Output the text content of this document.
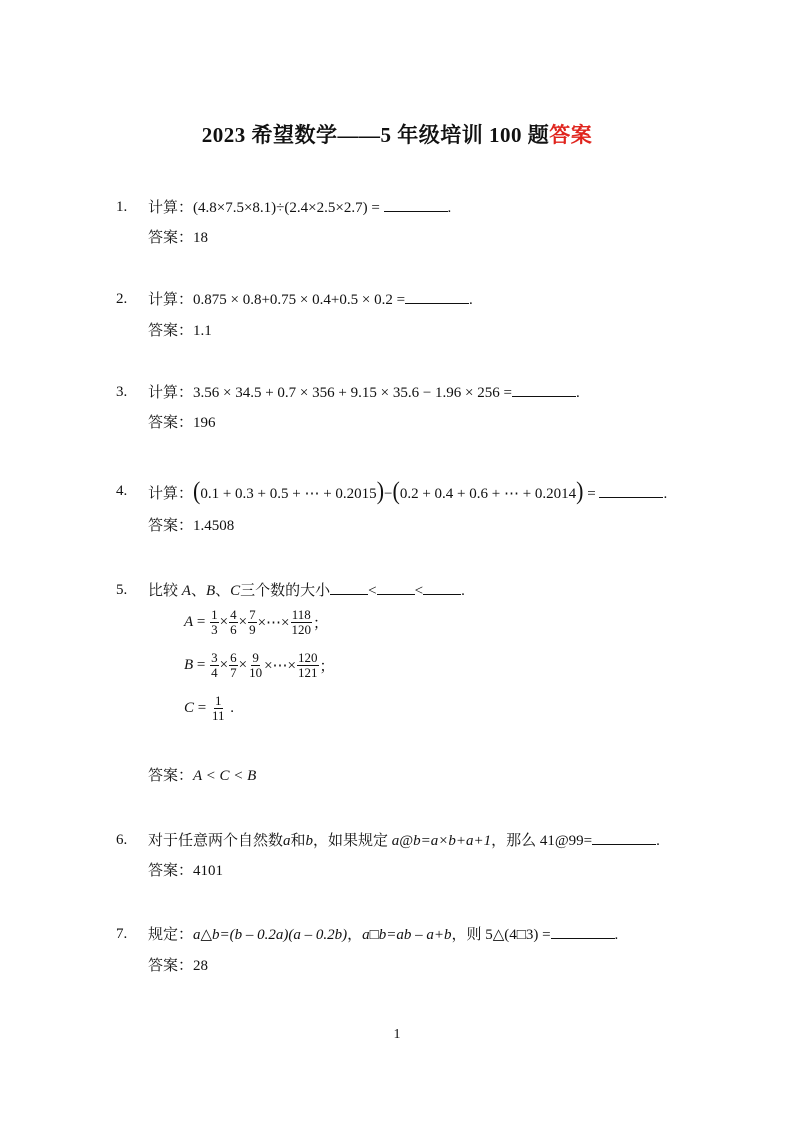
2023 希望数学——5 年级培训 100 题答案
1. 计算：(4.8×7.5×8.1)÷(2.4×2.5×2.7) =	.
答案：18
2. 计算：0.875 × 0.8+0.75 × 0.4+0.5 × 0.2 =	.
答案：1.1
3. 计算：3.56 × 34.5 + 0.7 × 356 + 9.15 × 35.6 − 1.96 × 256 =	.
答案：196
4. 计算：(0.1 + 0.3 + 0.5 + ⋯ + 0.2015)−(0.2 + 0.4 + 0.6 + ⋯ + 0.2014) =	.
答案：1.4508
5. 比较 A、B、C三个数的大小	<	<	.
$A = \frac{1}{3} \times \frac{4}{6} \times \frac{7}{9}$ ×⋯× $\frac{118}{120}$ ；
$B = \frac{3}{4} \times \frac{6}{7} \times \frac{9}{10}$ ×⋯× $\frac{120}{121}$ ；
$C = \frac{1}{11}$
.
答案：A < C < B
6. 对于任意两个自然数a和b，如果规定 a@b=a×b+a+1，那么 41@99=	.
答案：4101
7. 规定：a△b=(b – 0.2a)(a – 0.2b)，a□b=ab – a+b，则 5△(4□3) =	.
答案：28
1
